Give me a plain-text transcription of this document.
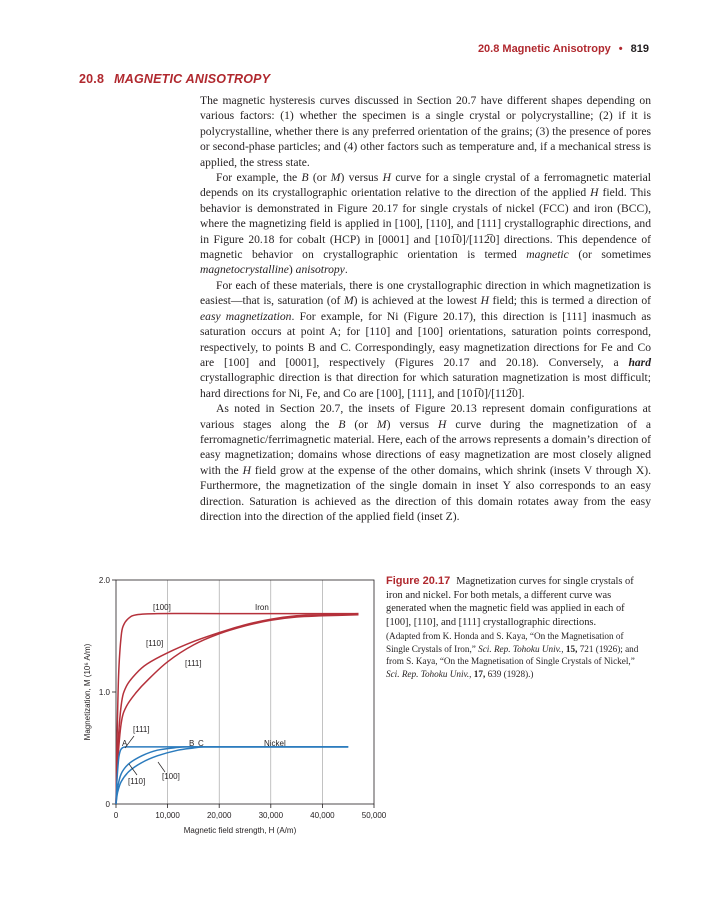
20.8 Magnetic Anisotropy • 819
20.8 MAGNETIC ANISOTROPY

The magnetic hysteresis curves discussed in Section 20.7 have different shapes depending on various factors: (1) whether the specimen is a single crystal or polycrystalline; (2) if it is polycrystalline, whether there is any preferred orientation of the grains; (3) the presence of pores or second-phase particles; and (4) other factors such as temperature and, if a mechanical stress is applied, the stress state.

For example, the B (or M) versus H curve for a single crystal of a ferromagnetic material depends on its crystallographic orientation relative to the direction of the applied H field. This behavior is demonstrated in Figure 20.17 for single crystals of nickel (FCC) and iron (BCC), where the magnetizing field is applied in [100], [110], and [111] crystallographic directions, and in Figure 20.18 for cobalt (HCP) in [0001] and [101̅0]/[112̅0] directions. This dependence of magnetic behavior on crystallographic orientation is termed magnetic (or sometimes magnetocrystalline) anisotropy.

For each of these materials, there is one crystallographic direction in which magnetization is easiest—that is, saturation (of M) is achieved at the lowest H field; this is termed a direction of easy magnetization. For example, for Ni (Figure 20.17), this direction is [111] inasmuch as saturation occurs at point A; for [110] and [100] orientations, saturation points correspond, respectively, to points B and C. Correspondingly, easy magnetization directions for Fe and Co are [100] and [0001], respectively (Figures 20.17 and 20.18). Conversely, a hard crystallographic direction is that direction for which saturation magnetization is most difficult; hard directions for Ni, Fe, and Co are [100], [111], and [101̅0]/[112̅0].

As noted in Section 20.7, the insets of Figure 20.13 represent domain configurations at various stages along the B (or M) versus H curve during the magnetization of a ferromagnetic/ferrimagnetic material. Here, each of the arrows represents a domain’s direction of easy magnetization; domains whose directions of easy magnetization are most closely aligned with the H field grow at the expense of the other domains, which shrink (insets V through X). Furthermore, the magnetization of the single domain in inset Y also corresponds to an easy direction. Saturation is achieved as the direction of this domain rotates away from the easy direction into the direction of the applied field (inset Z).

0	10,000	20,000	30,000	40,000	50,000
0
1.0
2.0
[100]
[110]
[111]
Iron
[111]
A	B C	Nickel
[110]
[100]
Magnetic field strength, H (A/m)
Magnetization, M (10⁶ A/m)
Figure 20.17 Magnetization curves for single crystals of iron and nickel. For both metals, a different curve was generated when the magnetic field was applied in each of [100], [110], and [111] crystallographic directions.
(Adapted from K. Honda and S. Kaya, “On the Magnetisation of Single Crystals of Iron,” Sci. Rep. Tohoku Univ., 15, 721 (1926); and from S. Kaya, “On the Magnetisation of Single Crystals of Nickel,” Sci. Rep. Tohoku Univ., 17, 639 (1928).)
